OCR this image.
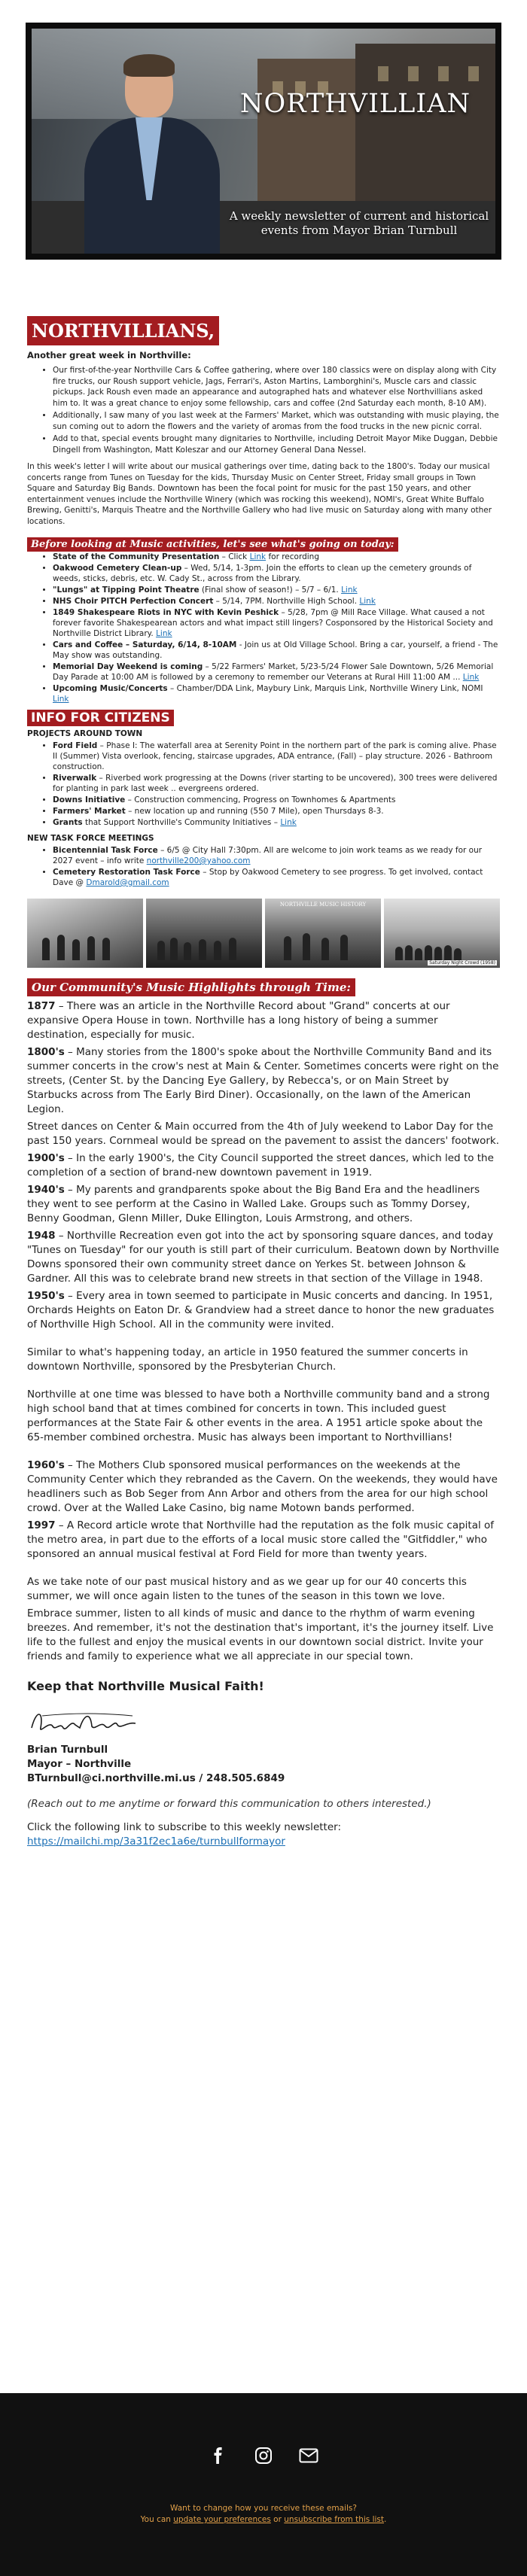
NORTHVILLIAN
A weekly newsletter of current and historical events from Mayor Brian Turnbull
NORTHVILLIANS,
Another great week in Northville:
• Our first-of-the-year Northville Cars & Coffee gathering, where over 180 classics were on display along with City fire trucks, our Roush support vehicle, Jags, Ferrari's, Aston Martins, Lamborghini's, Muscle cars and classic pickups. Jack Roush even made an appearance and autographed hats and whatever else Northvillians asked him to. It was a great chance to enjoy some fellowship, cars and coffee (2nd Saturday each month, 8-10 AM).
• Additionally, I saw many of you last week at the Farmers' Market, which was outstanding with music playing, the sun coming out to adorn the flowers and the variety of aromas from the food trucks in the new picnic corral.
• Add to that, special events brought many dignitaries to Northville, including Detroit Mayor Mike Duggan, Debbie Dingell from Washington, Matt Koleszar and our Attorney General Dana Nessel.

In this week's letter I will write about our musical gatherings over time, dating back to the 1800's. Today our musical concerts range from Tunes on Tuesday for the kids, Thursday Music on Center Street, Friday small groups in Town Square and Saturday Big Bands. Downtown has been the focal point for music for the past 150 years, and other entertainment venues include the Northville Winery (which was rocking this weekend), NOMI's, Great White Buffalo Brewing, Genitti's, Marquis Theatre and the Northville Gallery who had live music on Saturday along with many other locations.

Before looking at Music activities, let's see what's going on today:
• State of the Community Presentation – Click Link for recording
• Oakwood Cemetery Clean-up – Wed, 5/14, 1-3pm. Join the efforts to clean up the cemetery grounds of weeds, sticks, debris, etc. W. Cady St., across from the Library.
• "Lungs" at Tipping Point Theatre (Final show of season!) – 5/7 – 6/1. Link
• NHS Choir PITCH Perfection Concert – 5/14, 7PM. Northville High School. Link
• 1849 Shakespeare Riots in NYC with Kevin Peshick – 5/28, 7pm @ Mill Race Village. What caused a not forever favorite Shakespearean actors and what impact still lingers? Cosponsored by the Historical Society and Northville District Library. Link
• Cars and Coffee – Saturday, 6/14, 8-10AM - Join us at Old Village School. Bring a car, yourself, a friend - The May show was outstanding.
• Memorial Day Weekend is coming – 5/22 Farmers' Market, 5/23-5/24 Flower Sale Downtown, 5/26 Memorial Day Parade at 10:00 AM is followed by a ceremony to remember our Veterans at Rural Hill 11:00 AM ... Link
• Upcoming Music/Concerts – Chamber/DDA Link, Maybury Link, Marquis Link, Northville Winery Link, NOMI Link
INFO FOR CITIZENS
PROJECTS AROUND TOWN
• Ford Field – Phase I: The waterfall area at Serenity Point in the northern part of the park is coming alive. Phase II (Summer) Vista overlook, fencing, staircase upgrades, ADA entrance, (Fall) – play structure. 2026 - Bathroom construction.
• Riverwalk – Riverbed work progressing at the Downs (river starting to be uncovered), 300 trees were delivered for planting in park last week .. evergreens ordered.
• Downs Initiative – Construction commencing, Progress on Townhomes & Apartments
• Farmers' Market – new location up and running (550 7 Mile), open Thursdays 8-3.
• Grants that Support Northville's Community Initiatives – Link
NEW TASK FORCE MEETINGS
• Bicentennial Task Force – 6/5 @ City Hall 7:30pm. All are welcome to join work teams as we ready for our 2027 event – info write northville200@yahoo.com
• Cemetery Restoration Task Force – Stop by Oakwood Cemetery to see progress. To get involved, contact Dave @ Dmarold@gmail.com
NORTHVILLE MUSIC HISTORY
Saturday Night Crowd (1958)
Our Community's Music Highlights through Time:

1877 – There was an article in the Northville Record about "Grand" concerts at our expansive Opera House in town. Northville has a long history of being a summer destination, especially for music.

1800's – Many stories from the 1800's spoke about the Northville Community Band and its summer concerts in the crow's nest at Main & Center. Sometimes concerts were right on the streets, (Center St. by the Dancing Eye Gallery, by Rebecca's, or on Main Street by Starbucks across from The Early Bird Diner). Occasionally, on the lawn of the American Legion.

Street dances on Center & Main occurred from the 4th of July weekend to Labor Day for the past 150 years. Cornmeal would be spread on the pavement to assist the dancers' footwork.

1900's – In the early 1900's, the City Council supported the street dances, which led to the completion of a section of brand-new downtown pavement in 1919.

1940's – My parents and grandparents spoke about the Big Band Era and the headliners they went to see perform at the Casino in Walled Lake. Groups such as Tommy Dorsey, Benny Goodman, Glenn Miller, Duke Ellington, Louis Armstrong, and others.

1948 – Northville Recreation even got into the act by sponsoring square dances, and today "Tunes on Tuesday" for our youth is still part of their curriculum. Beatown down by Northville Downs sponsored their own community street dance on Yerkes St. between Johnson & Gardner. All this was to celebrate brand new streets in that section of the Village in 1948.

1950's – Every area in town seemed to participate in Music concerts and dancing. In 1951, Orchards Heights on Eaton Dr. & Grandview had a street dance to honor the new graduates of Northville High School. All in the community were invited.

Similar to what's happening today, an article in 1950 featured the summer concerts in downtown Northville, sponsored by the Presbyterian Church.

Northville at one time was blessed to have both a Northville community band and a strong high school band that at times combined for concerts in town. This included guest performances at the State Fair & other events in the area. A 1951 article spoke about the 65-member combined orchestra. Music has always been important to Northvillians!

1960's – The Mothers Club sponsored musical performances on the weekends at the Community Center which they rebranded as the Cavern. On the weekends, they would have headliners such as Bob Seger from Ann Arbor and others from the area for our high school crowd. Over at the Walled Lake Casino, big name Motown bands performed.

1997 – A Record article wrote that Northville had the reputation as the folk music capital of the metro area, in part due to the efforts of a local music store called the "Gitfiddler," who sponsored an annual musical festival at Ford Field for more than twenty years.

As we take note of our past musical history and as we gear up for our 40 concerts this summer, we will once again listen to the tunes of the season in this town we love.

Embrace summer, listen to all kinds of music and dance to the rhythm of warm evening breezes. And remember, it's not the destination that's important, it's the journey itself. Live life to the fullest and enjoy the musical events in our downtown social district. Invite your friends and family to experience what we all appreciate in our special town.

Keep that Northville Musical Faith!
Brian Turnbull
Mayor – Northville
BTurnbull@ci.northville.mi.us / 248.505.6849
(Reach out to me anytime or forward this communication to others interested.)
Click the following link to subscribe to this weekly newsletter:
https://mailchi.mp/3a31f2ec1a6e/turnbullformayor
Want to change how you receive these emails?
You can update your preferences or unsubscribe from this list.
